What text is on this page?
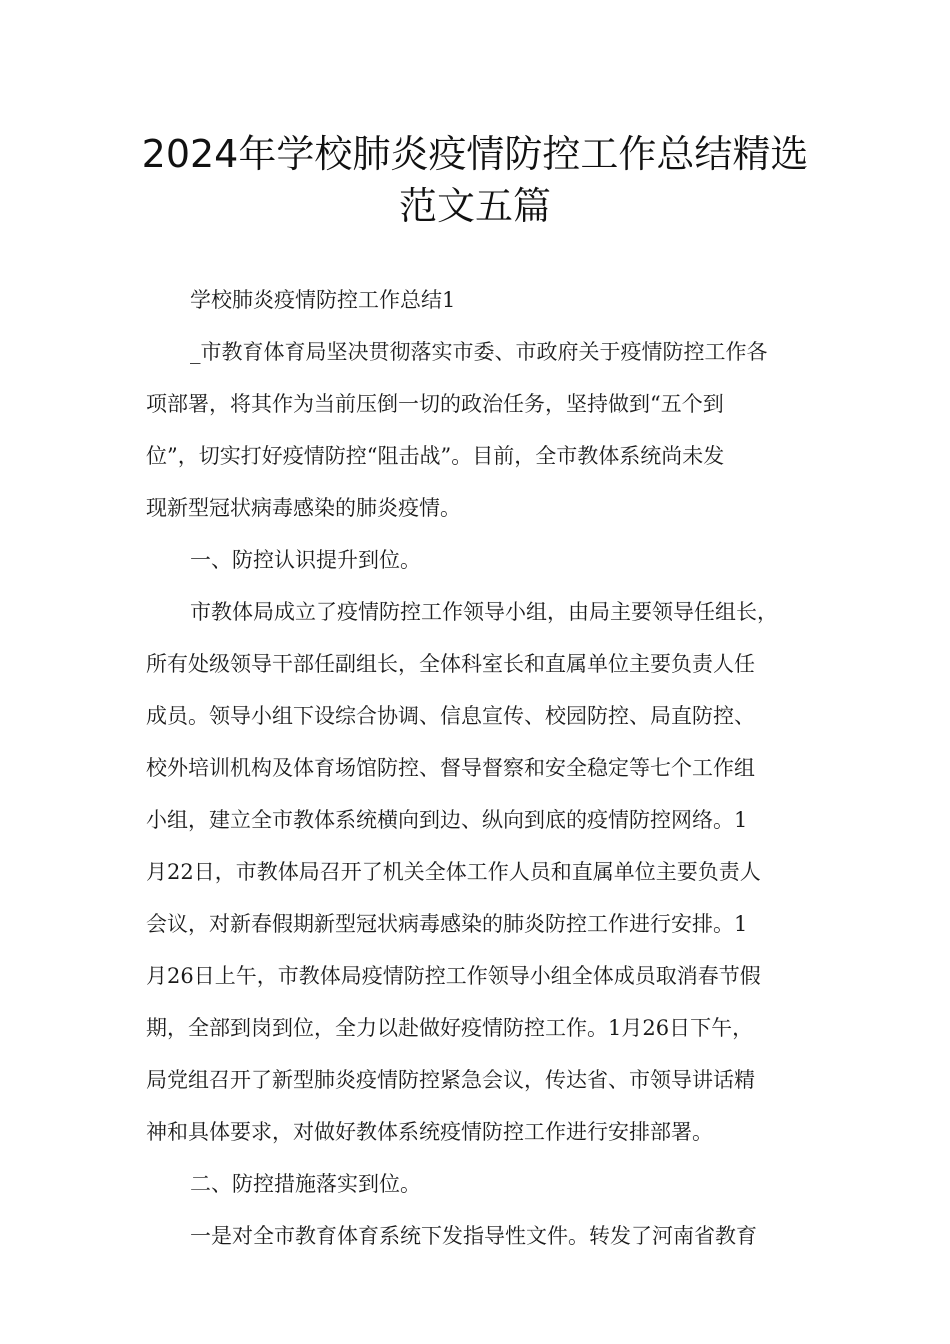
2024年学校肺炎疫情防控工作总结精选
范文五篇
学校肺炎疫情防控工作总结1
_市教育体育局坚决贯彻落实市委、市政府关于疫情防控工作各
项部署，将其作为当前压倒一切的政治任务，坚持做到“五个到
位”，切实打好疫情防控“阻击战”。目前，全市教体系统尚未发
现新型冠状病毒感染的肺炎疫情。
一、防控认识提升到位。
市教体局成立了疫情防控工作领导小组，由局主要领导任组长，
所有处级领导干部任副组长，全体科室长和直属单位主要负责人任
成员。领导小组下设综合协调、信息宣传、校园防控、局直防控、
校外培训机构及体育场馆防控、督导督察和安全稳定等七个工作组
小组，建立全市教体系统横向到边、纵向到底的疫情防控网络。1
月22日，市教体局召开了机关全体工作人员和直属单位主要负责人
会议，对新春假期新型冠状病毒感染的肺炎防控工作进行安排。1
月26日上午，市教体局疫情防控工作领导小组全体成员取消春节假
期，全部到岗到位，全力以赴做好疫情防控工作。1月26日下午，
局党组召开了新型肺炎疫情防控紧急会议，传达省、市领导讲话精
神和具体要求，对做好教体系统疫情防控工作进行安排部署。
二、防控措施落实到位。
一是对全市教育体育系统下发指导性文件。转发了河南省教育
